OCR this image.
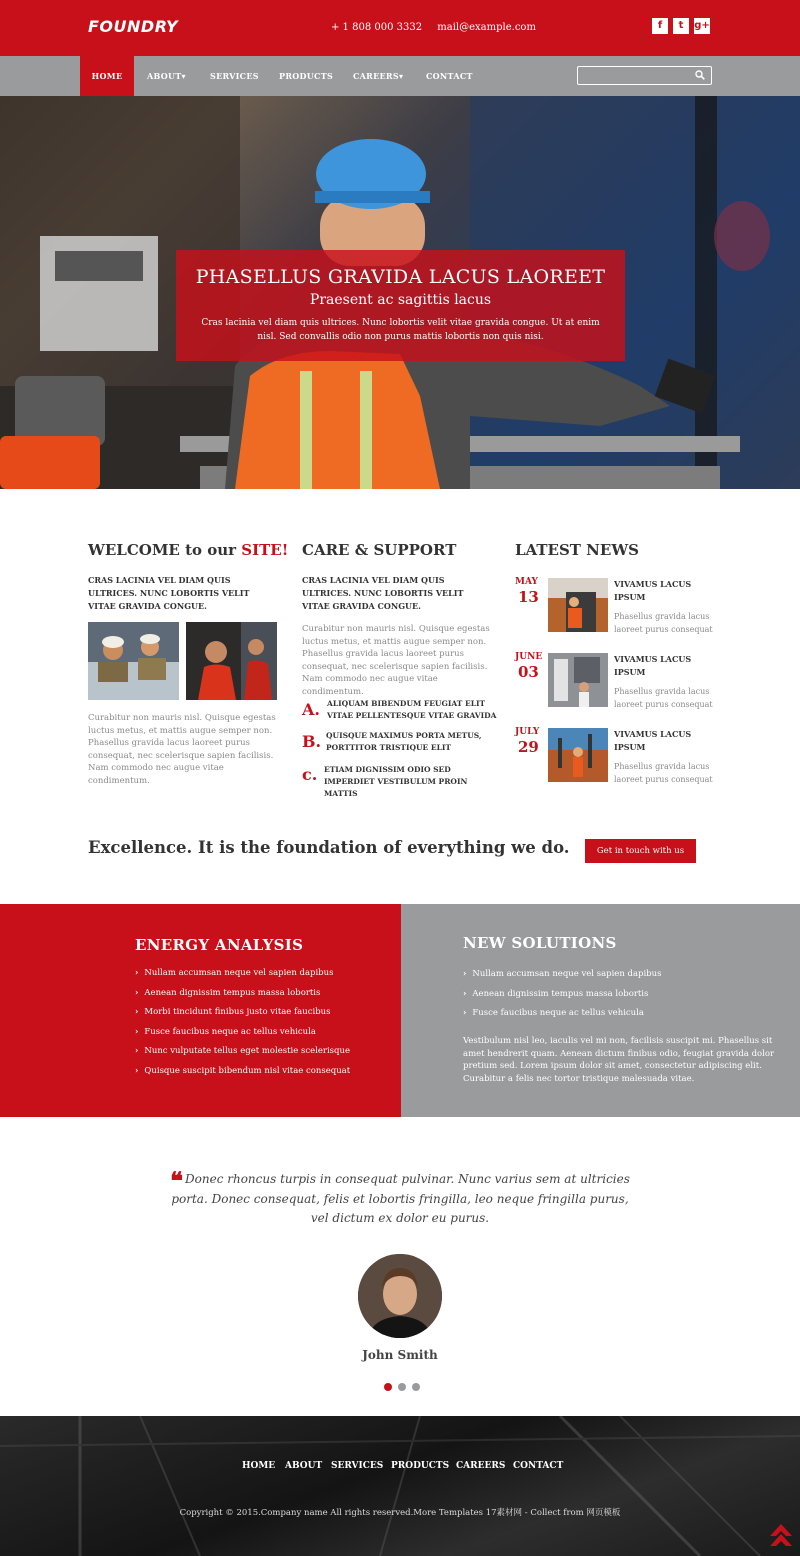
FOUNDRY	+ 1 808 000 3332 mail@example.com	f	t	g+
HOME	ABOUT▾	SERVICES	PRODUCTS CAREERS▾	CONTACT
PHASELLUS GRAVIDA LACUS LAOREET
Praesent ac sagittis lacus
Cras lacinia vel diam quis ultrices. Nunc lobortis velit vitae gravida congue. Ut at enim nisl. Sed convallis odio non purus mattis lobortis non quis nisi.
WELCOME to our SITE!
CRAS LACINIA VEL DIAM QUIS ULTRICES. NUNC LOBORTIS VELIT VITAE GRAVIDA CONGUE.
Curabitur non mauris nisl. Quisque egestas luctus metus, et mattis augue semper non. Phasellus gravida lacus laoreet purus consequat, nec scelerisque sapien facilisis. Nam commodo nec augue vitae condimentum.
CARE & SUPPORT
CRAS LACINIA VEL DIAM QUIS ULTRICES. NUNC LOBORTIS VELIT VITAE GRAVIDA CONGUE.
Curabitur non mauris nisl. Quisque egestas luctus metus, et mattis augue semper non. Phasellus gravida lacus laoreet purus consequat, nec scelerisque sapien facilisis. Nam commodo nec augue vitae condimentum.
A. ALIQUAM BIBENDUM FEUGIAT ELIT VITAE PELLENTESQUE VITAE GRAVIDA
B. QUISQUE MAXIMUS PORTA METUS, PORTTITOR TRISTIQUE ELIT
c. ETIAM DIGNISSIM ODIO SED IMPERDIET VESTIBULUM PROIN MATTIS
LATEST NEWS
MAY
13
VIVAMUS LACUS IPSUM
Phasellus gravida lacus laoreet purus consequat
JUNE
03
VIVAMUS LACUS IPSUM
Phasellus gravida lacus laoreet purus consequat
JULY
29
VIVAMUS LACUS IPSUM
Phasellus gravida lacus laoreet purus consequat
Excellence. It is the foundation of everything we do.	Get in touch with us
ENERGY ANALYSIS
› Nullam accumsan neque vel sapien dapibus
› Aenean dignissim tempus massa lobortis
› Morbi tincidunt finibus justo vitae faucibus
› Fusce faucibus neque ac tellus vehicula
› Nunc vulputate tellus eget molestie scelerisque
› Quisque suscipit bibendum nisl vitae consequat
NEW SOLUTIONS
› Nullam accumsan neque vel sapien dapibus
› Aenean dignissim tempus massa lobortis
› Fusce faucibus neque ac tellus vehicula
Vestibulum nisl leo, iaculis vel mi non, facilisis suscipit mi. Phasellus sit amet hendrerit quam. Aenean dictum finibus odio, feugiat gravida dolor pretium sed. Lorem ipsum dolor sit amet, consectetur adipiscing elit. Curabitur a felis nec tortor tristique malesuada vitae.
❝ Donec rhoncus turpis in consequat pulvinar. Nunc varius sem at ultricies porta. Donec consequat, felis et lobortis fringilla, leo neque fringilla purus, vel dictum ex dolor eu purus.
John Smith
HOME ABOUT SERVICES PRODUCTS CAREERS CONTACT
Copyright © 2015.Company name All rights reserved.More Templates 17素材网 - Collect from 网页模板
